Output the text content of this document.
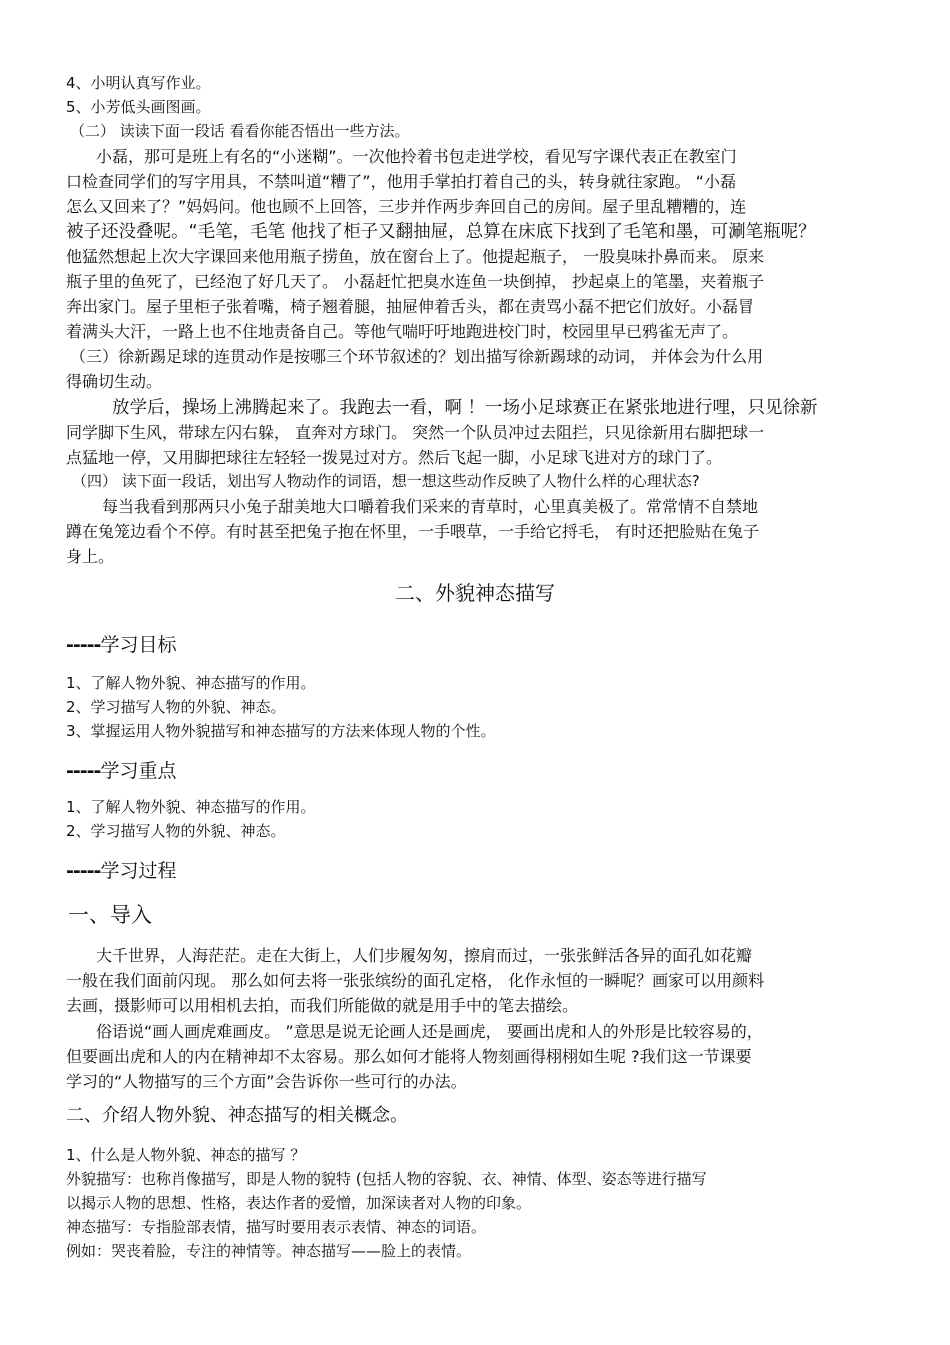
4、小明认真写作业。
5、小芳低头画图画。
（二） 读读下面一段话 看看你能否悟出一些方法。
小磊，那可是班上有名的“小迷糊”。一次他拎着书包走进学校，看见写字课代表正在教室门
口检查同学们的写字用具，不禁叫道“糟了”，他用手掌拍打着自己的头，转身就往家跑。 “小磊
怎么又回来了？”妈妈问。他也顾不上回答，三步并作两步奔回自己的房间。屋子里乱糟糟的，连
被子还没叠呢。“毛笔，毛笔 他找了柜子又翻抽屉，总算在床底下找到了毛笔和墨，可涮笔瓶呢？
他猛然想起上次大字课回来他用瓶子捞鱼，放在窗台上了。他提起瓶子， 一股臭味扑鼻而来。 原来
瓶子里的鱼死了，已经泡了好几天了。 小磊赶忙把臭水连鱼一块倒掉， 抄起桌上的笔墨，夹着瓶子
奔出家门。屋子里柜子张着嘴，椅子翘着腿，抽屉伸着舌头，都在责骂小磊不把它们放好。小磊冒
着满头大汗，一路上也不住地责备自己。等他气喘吁吁地跑进校门时，校园里早已鸦雀无声了。
（三）徐新踢足球的连贯动作是按哪三个环节叙述的？划出描写徐新踢球的动词， 并体会为什么用
得确切生动。
放学后，操场上沸腾起来了。我跑去一看，啊 ！一场小足球赛正在紧张地进行哩，只见徐新
同学脚下生风，带球左闪右躲， 直奔对方球门。 突然一个队员冲过去阻拦，只见徐新用右脚把球一
点猛地一停，又用脚把球往左轻轻一拨晃过对方。然后飞起一脚，小足球飞进对方的球门了。
（四） 读下面一段话，划出写人物动作的词语，想一想这些动作反映了人物什么样的心理状态?
每当我看到那两只小兔子甜美地大口嚼着我们采来的青草时，心里真美极了。常常情不自禁地
蹲在兔笼边看个不停。有时甚至把兔子抱在怀里，一手喂草，一手给它捋毛， 有时还把脸贴在兔子
身上。
二、外貌神态描写
-----学习目标
1、了解人物外貌、神态描写的作用。
2、学习描写人物的外貌、神态。
3、掌握运用人物外貌描写和神态描写的方法来体现人物的个性。
-----学习重点
1、了解人物外貌、神态描写的作用。
2、学习描写人物的外貌、神态。
-----学习过程
一、导入
大千世界，人海茫茫。走在大街上，人们步履匆匆，擦肩而过，一张张鲜活各异的面孔如花瓣
一般在我们面前闪现。 那么如何去将一张张缤纷的面孔定格， 化作永恒的一瞬呢？画家可以用颜料
去画，摄影师可以用相机去拍，而我们所能做的就是用手中的笔去描绘。
俗语说“画人画虎难画皮。 ”意思是说无论画人还是画虎， 要画出虎和人的外形是比较容易的，
但要画出虎和人的内在精神却不太容易。那么如何才能将人物刻画得栩栩如生呢 ?我们这一节课要
学习的“人物描写的三个方面”会告诉你一些可行的办法。
二、介绍人物外貌、神态描写的相关概念。
1、什么是人物外貌、神态的描写 ？
外貌描写：也称肖像描写，即是人物的貌特 (包括人物的容貌、衣、神情、体型、姿态等进行描写
以揭示人物的思想、性格，表达作者的爱憎，加深读者对人物的印象。
神态描写：专指脸部表情，描写时要用表示表情、神态的词语。
例如：哭丧着脸，专注的神情等。神态描写——脸上的表情。
